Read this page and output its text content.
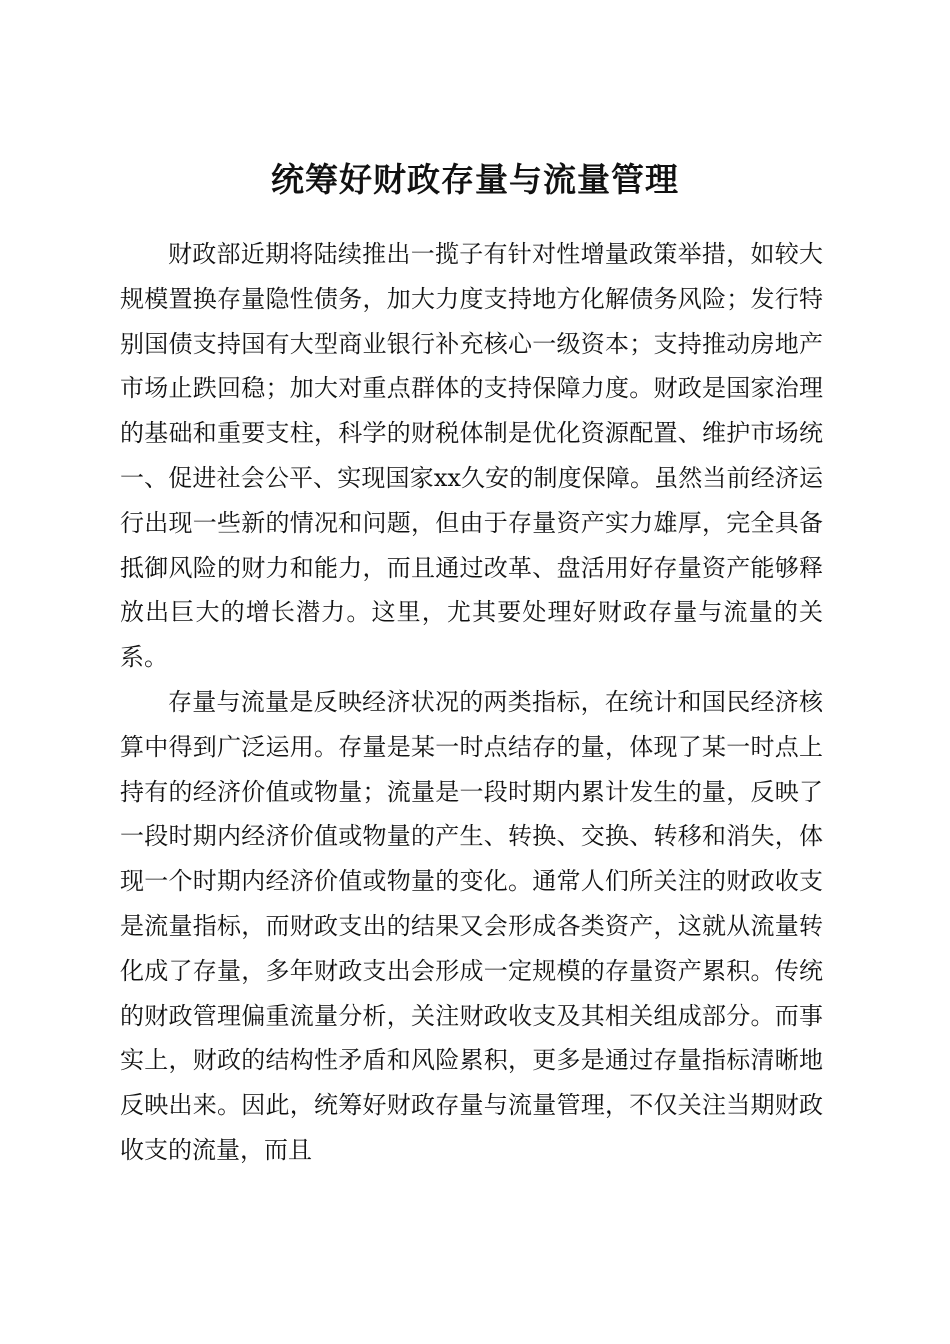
统筹好财政存量与流量管理

财政部近期将陆续推出一揽子有针对性增量政策举措，如较大规模置换存量隐性债务，加大力度支持地方化解债务风险；发行特别国债支持国有大型商业银行补充核心一级资本；支持推动房地产市场止跌回稳；加大对重点群体的支持保障力度。财政是国家治理的基础和重要支柱，科学的财税体制是优化资源配置、维护市场统一、促进社会公平、实现国家xx久安的制度保障。虽然当前经济运行出现一些新的情况和问题，但由于存量资产实力雄厚，完全具备抵御风险的财力和能力，而且通过改革、盘活用好存量资产能够释放出巨大的增长潜力。这里，尤其要处理好财政存量与流量的关系。

存量与流量是反映经济状况的两类指标，在统计和国民经济核算中得到广泛运用。存量是某一时点结存的量，体现了某一时点上持有的经济价值或物量；流量是一段时期内累计发生的量，反映了一段时期内经济价值或物量的产生、转换、交换、转移和消失，体现一个时期内经济价值或物量的变化。通常人们所关注的财政收支是流量指标，而财政支出的结果又会形成各类资产，这就从流量转化成了存量，多年财政支出会形成一定规模的存量资产累积。传统的财政管理偏重流量分析，关注财政收支及其相关组成部分。而事实上，财政的结构性矛盾和风险累积，更多是通过存量指标清晰地反映出来。因此，统筹好财政存量与流量管理，不仅关注当期财政收支的流量，而且
